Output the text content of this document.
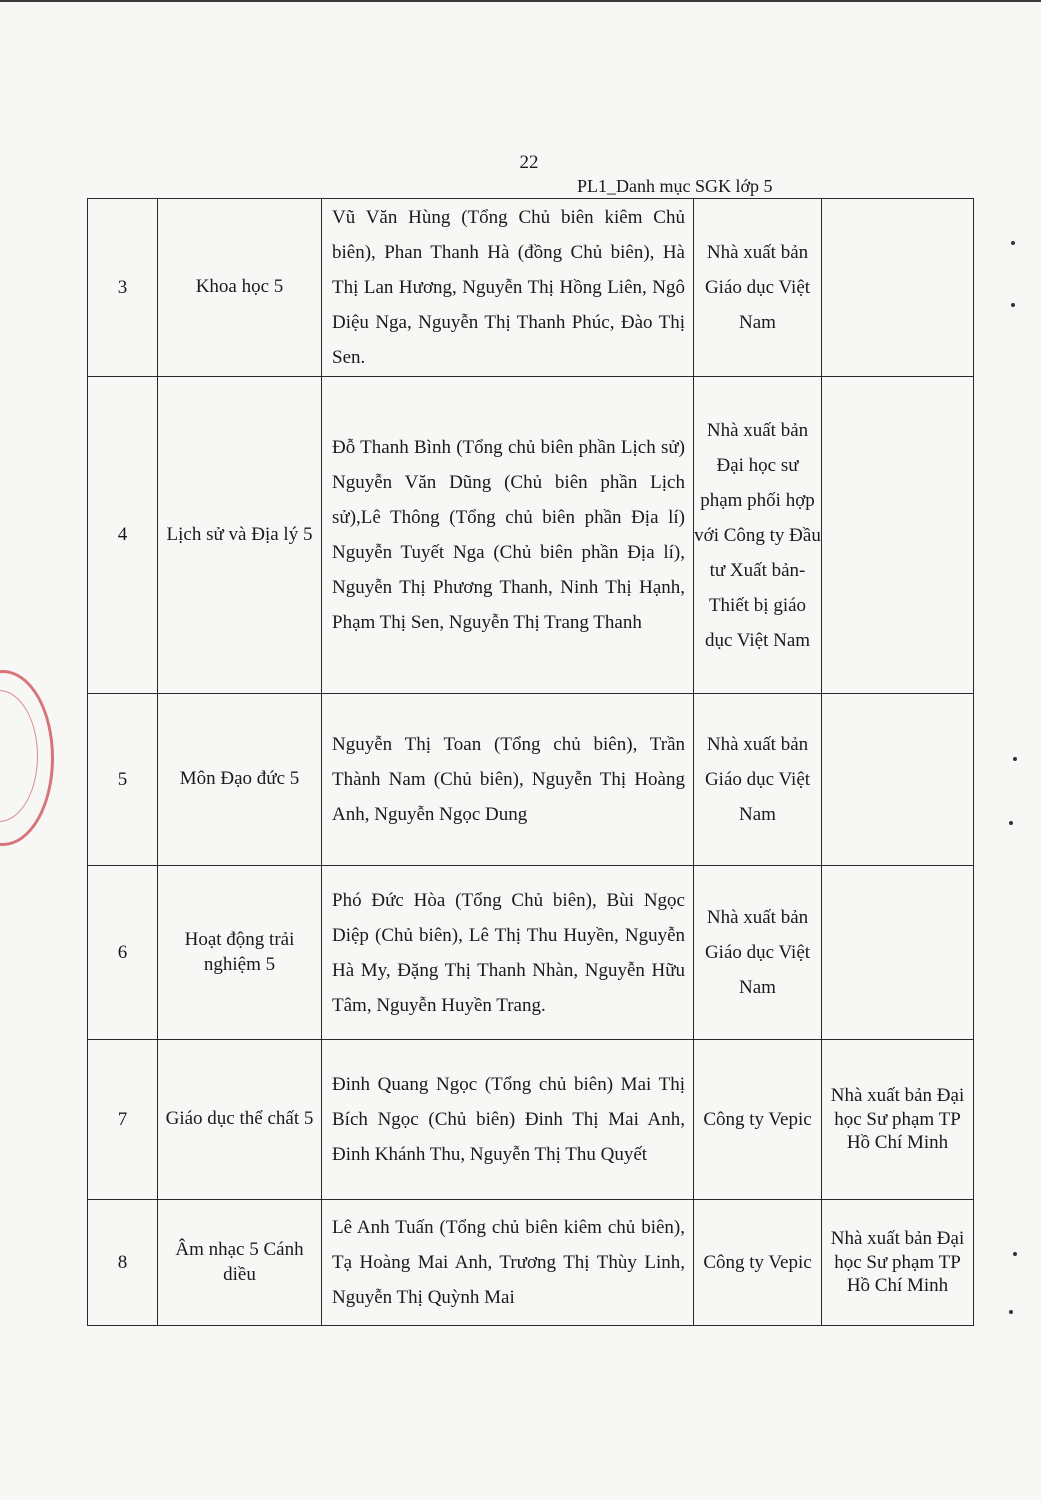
22
PL1_Danh mục SGK lớp 5
3	Khoa học 5	Vũ Văn Hùng (Tổng Chủ biên kiêm Chủ biên), Phan Thanh Hà (đồng Chủ biên), Hà Thị Lan Hương, Nguyễn Thị Hồng Liên, Ngô Diệu Nga, Nguyễn Thị Thanh Phúc, Đào Thị Sen.	Nhà xuất bản Giáo dục Việt Nam	
4	Lịch sử và Địa lý 5	Đỗ Thanh Bình (Tổng chủ biên phần Lịch sử) Nguyễn Văn Dũng (Chủ biên phần Lịch sử),Lê Thông (Tổng chủ biên phần Địa lí) Nguyễn Tuyết Nga (Chủ biên phần Địa lí), Nguyễn Thị Phương Thanh, Ninh Thị Hạnh, Phạm Thị Sen, Nguyễn Thị Trang Thanh	Nhà xuất bản Đại học sư phạm phối hợp với Công ty Đầu tư Xuất bản- Thiết bị giáo dục Việt Nam	
5	Môn Đạo đức 5	Nguyễn Thị Toan (Tổng chủ biên), Trần Thành Nam (Chủ biên), Nguyễn Thị Hoàng Anh, Nguyễn Ngọc Dung	Nhà xuất bản Giáo dục Việt Nam	
6	Hoạt động trải nghiệm 5	Phó Đức Hòa (Tổng Chủ biên), Bùi Ngọc Diệp (Chủ biên), Lê Thị Thu Huyền, Nguyễn Hà My, Đặng Thị Thanh Nhàn, Nguyễn Hữu Tâm, Nguyễn Huyền Trang.	Nhà xuất bản Giáo dục Việt Nam	
7	Giáo dục thể chất 5	Đinh Quang Ngọc (Tổng chủ biên) Mai Thị Bích Ngọc (Chủ biên) Đinh Thị Mai Anh, Đinh Khánh Thu, Nguyễn Thị Thu Quyết	Công ty Vepic	Nhà xuất bản Đại học Sư phạm TP Hồ Chí Minh
8	Âm nhạc 5 Cánh diều	Lê Anh Tuấn (Tổng chủ biên kiêm chủ biên), Tạ Hoàng Mai Anh, Trương Thị Thùy Linh, Nguyễn Thị Quỳnh Mai	Công ty Vepic	Nhà xuất bản Đại học Sư phạm TP Hồ Chí Minh
